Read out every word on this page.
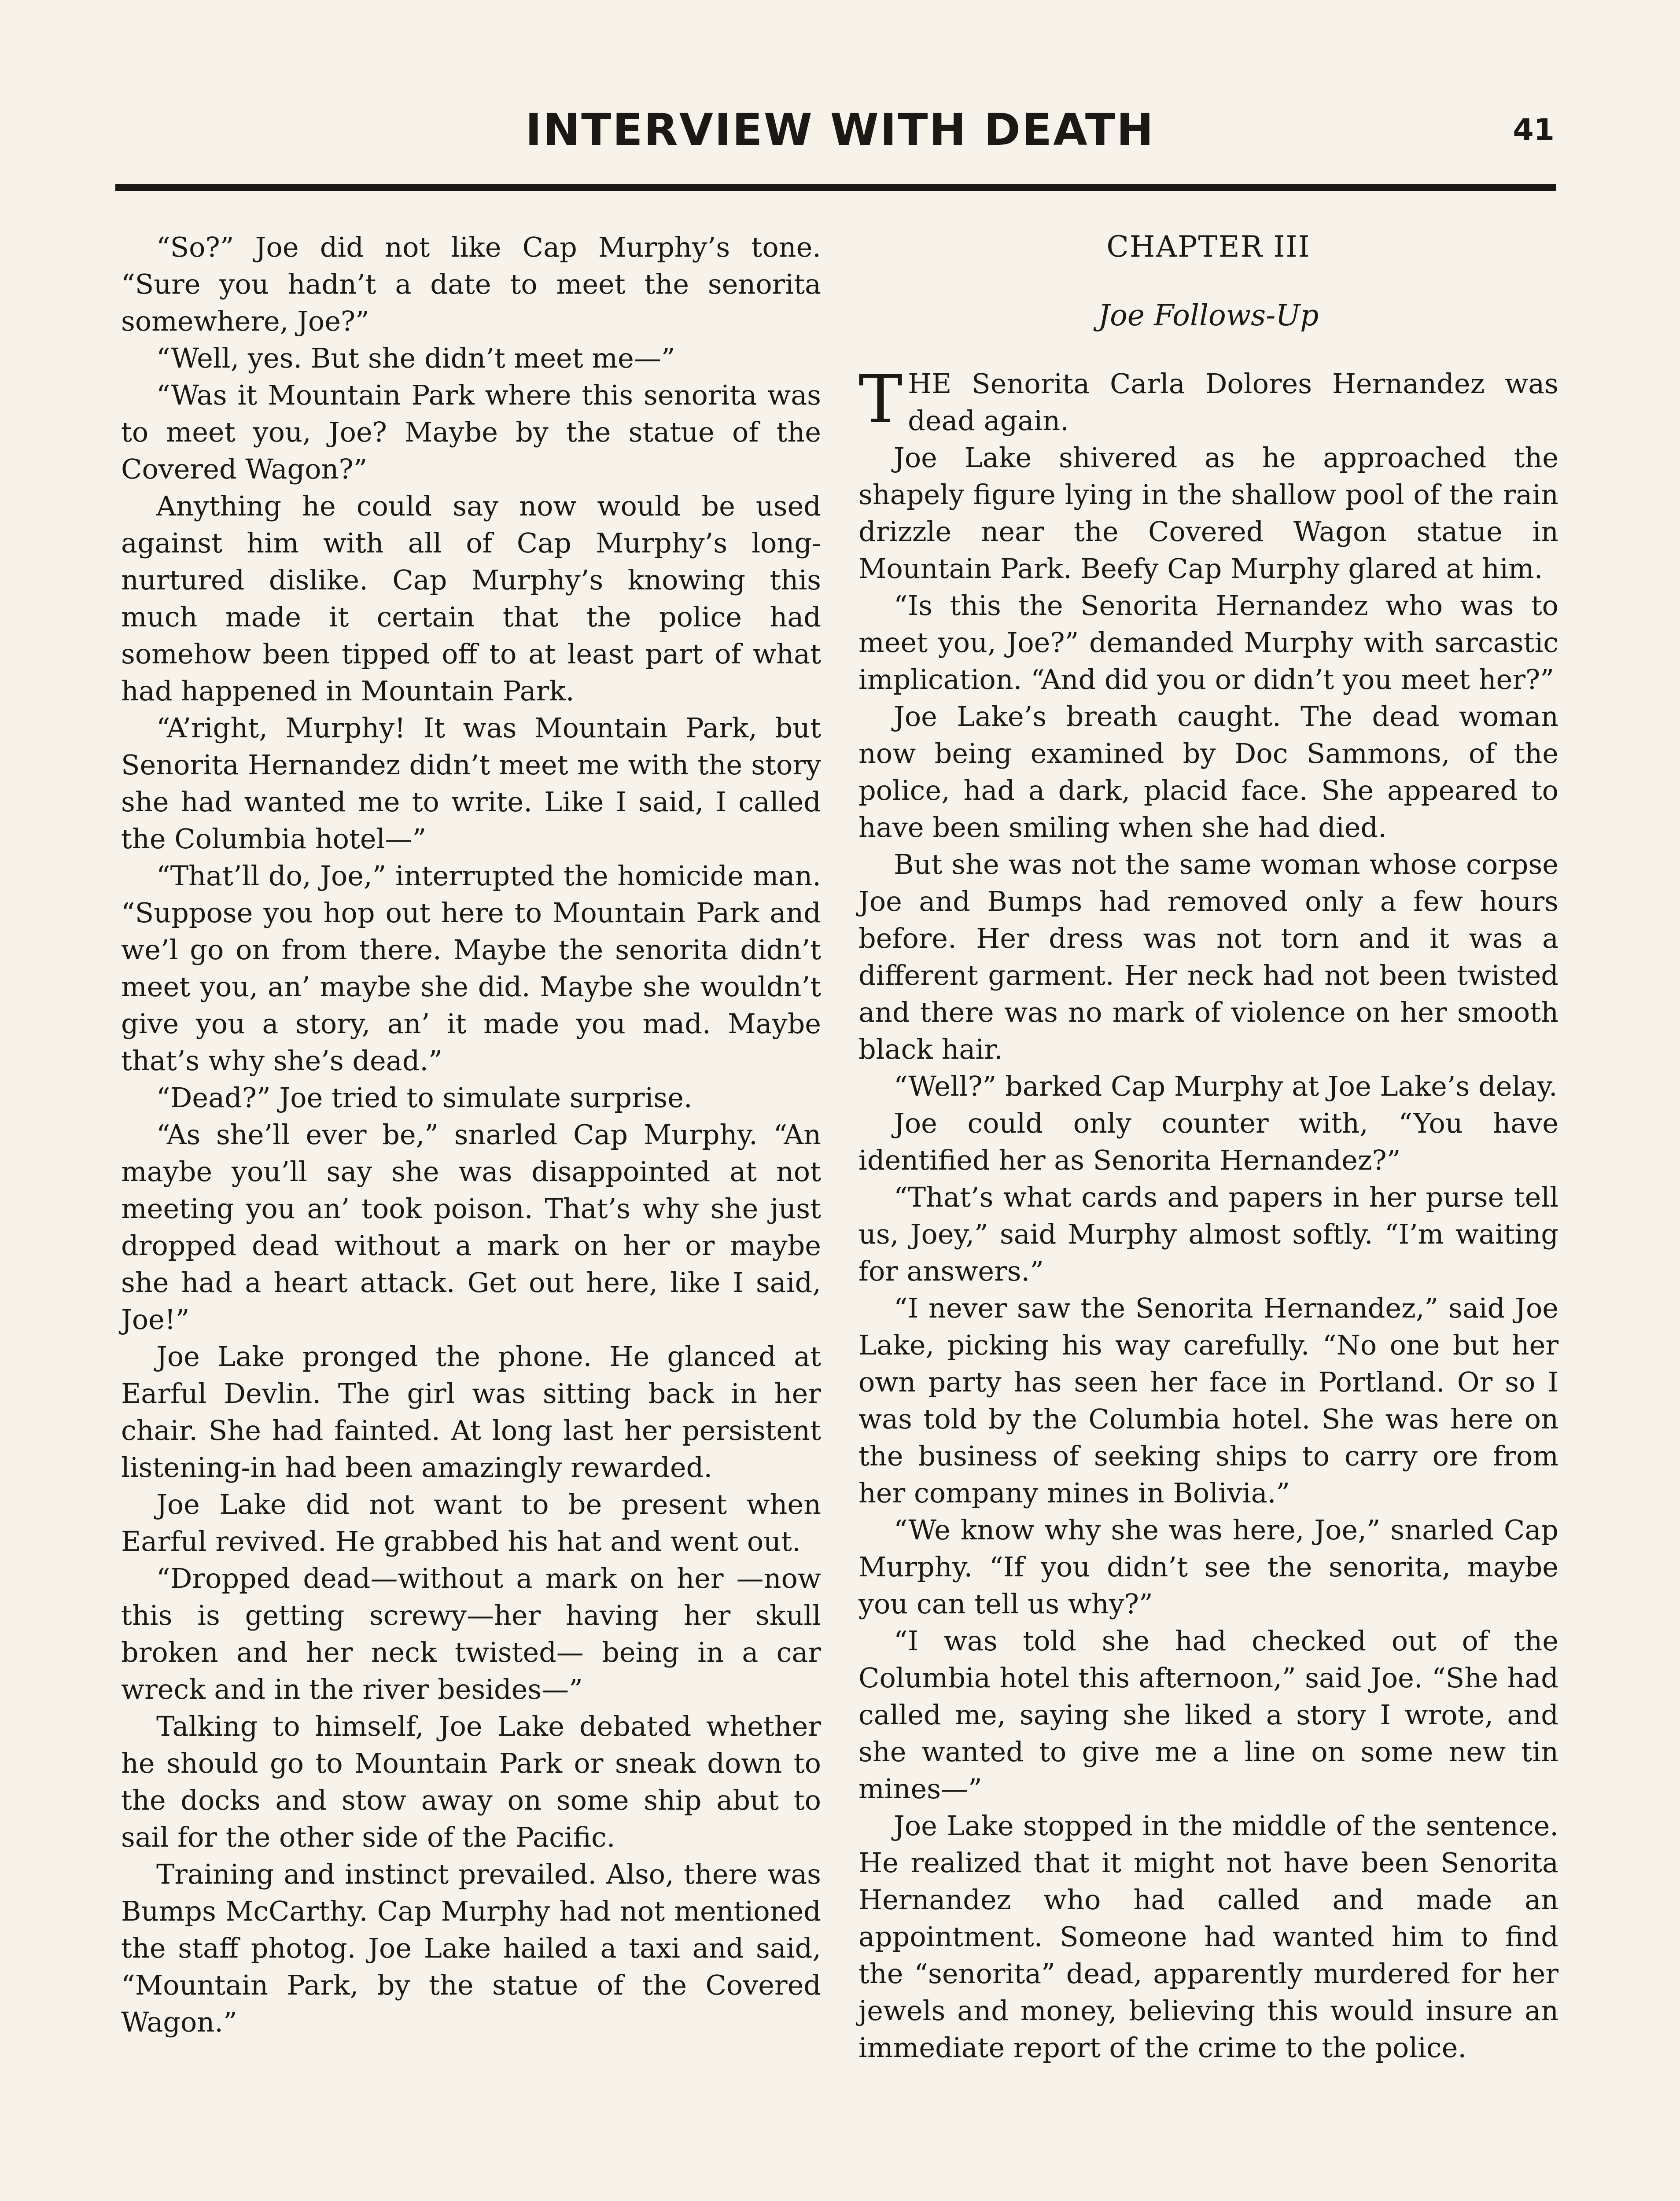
INTERVIEW WITH DEATH	41

“So?” Joe did not like Cap Murphy’s tone. “Sure you hadn’t a date to meet the senorita somewhere, Joe?”

“Well, yes. But she didn’t meet me—”

“Was it Mountain Park where this senorita was to meet you, Joe? Maybe by the statue of the Covered Wagon?”

Anything he could say now would be used against him with all of Cap Murphy’s long-nurtured dislike. Cap Murphy’s knowing this much made it certain that the police had somehow been tipped off to at least part of what had happened in Mountain Park.

“A’right, Murphy! It was Mountain Park, but Senorita Hernandez didn’t meet me with the story she had wanted me to write. Like I said, I called the Columbia hotel—”

“That’ll do, Joe,” interrupted the homicide man. “Suppose you hop out here to Mountain Park and we’l go on from there. Maybe the senorita didn’t meet you, an’ maybe she did. Maybe she wouldn’t give you a story, an’ it made you mad. Maybe that’s why she’s dead.”

“Dead?” Joe tried to simulate surprise.

“As she’ll ever be,” snarled Cap Murphy. “An maybe you’ll say she was disappointed at not meeting you an’ took poison. That’s why she just dropped dead without a mark on her or maybe she had a heart attack. Get out here, like I said, Joe!”

Joe Lake pronged the phone. He glanced at Earful Devlin. The girl was sitting back in her chair. She had fainted. At long last her persistent listening-in had been amazingly rewarded.

Joe Lake did not want to be present when Earful revived. He grabbed his hat and went out.

“Dropped dead—without a mark on her —now this is getting screwy—her having her skull broken and her neck twisted— being in a car wreck and in the river besides—”

Talking to himself, Joe Lake debated whether he should go to Mountain Park or sneak down to the docks and stow away on some ship abut to sail for the other side of the Pacific.

Training and instinct prevailed. Also, there was Bumps McCarthy. Cap Murphy had not mentioned the staff photog. Joe Lake hailed a taxi and said, “Mountain Park, by the statue of the Covered Wagon.”

CHAPTER III
Joe Follows-Up

THE Senorita Carla Dolores Hernandez was dead again.

Joe Lake shivered as he approached the shapely figure lying in the shallow pool of the rain drizzle near the Covered Wagon statue in Mountain Park. Beefy Cap Murphy glared at him.

“Is this the Senorita Hernandez who was to meet you, Joe?” demanded Murphy with sarcastic implication. “And did you or didn’t you meet her?”

Joe Lake’s breath caught. The dead woman now being examined by Doc Sammons, of the police, had a dark, placid face. She appeared to have been smiling when she had died.

But she was not the same woman whose corpse Joe and Bumps had removed only a few hours before. Her dress was not torn and it was a different garment. Her neck had not been twisted and there was no mark of violence on her smooth black hair.

“Well?” barked Cap Murphy at Joe Lake’s delay.

Joe could only counter with, “You have identified her as Senorita Hernandez?”

“That’s what cards and papers in her purse tell us, Joey,” said Murphy almost softly. “I’m waiting for answers.”

“I never saw the Senorita Hernandez,” said Joe Lake, picking his way carefully. “No one but her own party has seen her face in Portland. Or so I was told by the Columbia hotel. She was here on the business of seeking ships to carry ore from her company mines in Bolivia.”

“We know why she was here, Joe,” snarled Cap Murphy. “If you didn’t see the senorita, maybe you can tell us why?”

“I was told she had checked out of the Columbia hotel this afternoon,” said Joe. “She had called me, saying she liked a story I wrote, and she wanted to give me a line on some new tin mines—”

Joe Lake stopped in the middle of the sentence. He realized that it might not have been Senorita Hernandez who had called and made an appointment. Someone had wanted him to find the “senorita” dead, apparently murdered for her jewels and money, believing this would insure an immediate report of the crime to the police.
